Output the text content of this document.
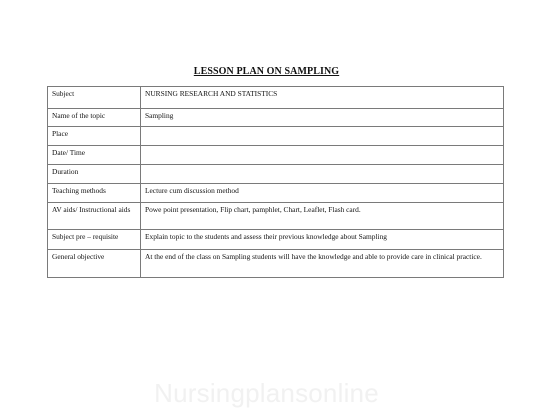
LESSON PLAN ON SAMPLING
Subject	NURSING RESEARCH AND STATISTICS
Name of the topic	Sampling
Place	
Date/ Time	
Duration	
Teaching methods	Lecture cum discussion method
AV aids/ Instructional aids	Powe point presentation, Flip chart, pamphlet, Chart, Leaflet, Flash card.
Subject pre – requisite	Explain topic to the students and assess their previous knowledge about Sampling
General objective	At the end of the class on Sampling students will have the knowledge and able to provide care in clinical practice.
Nursingplansonline
